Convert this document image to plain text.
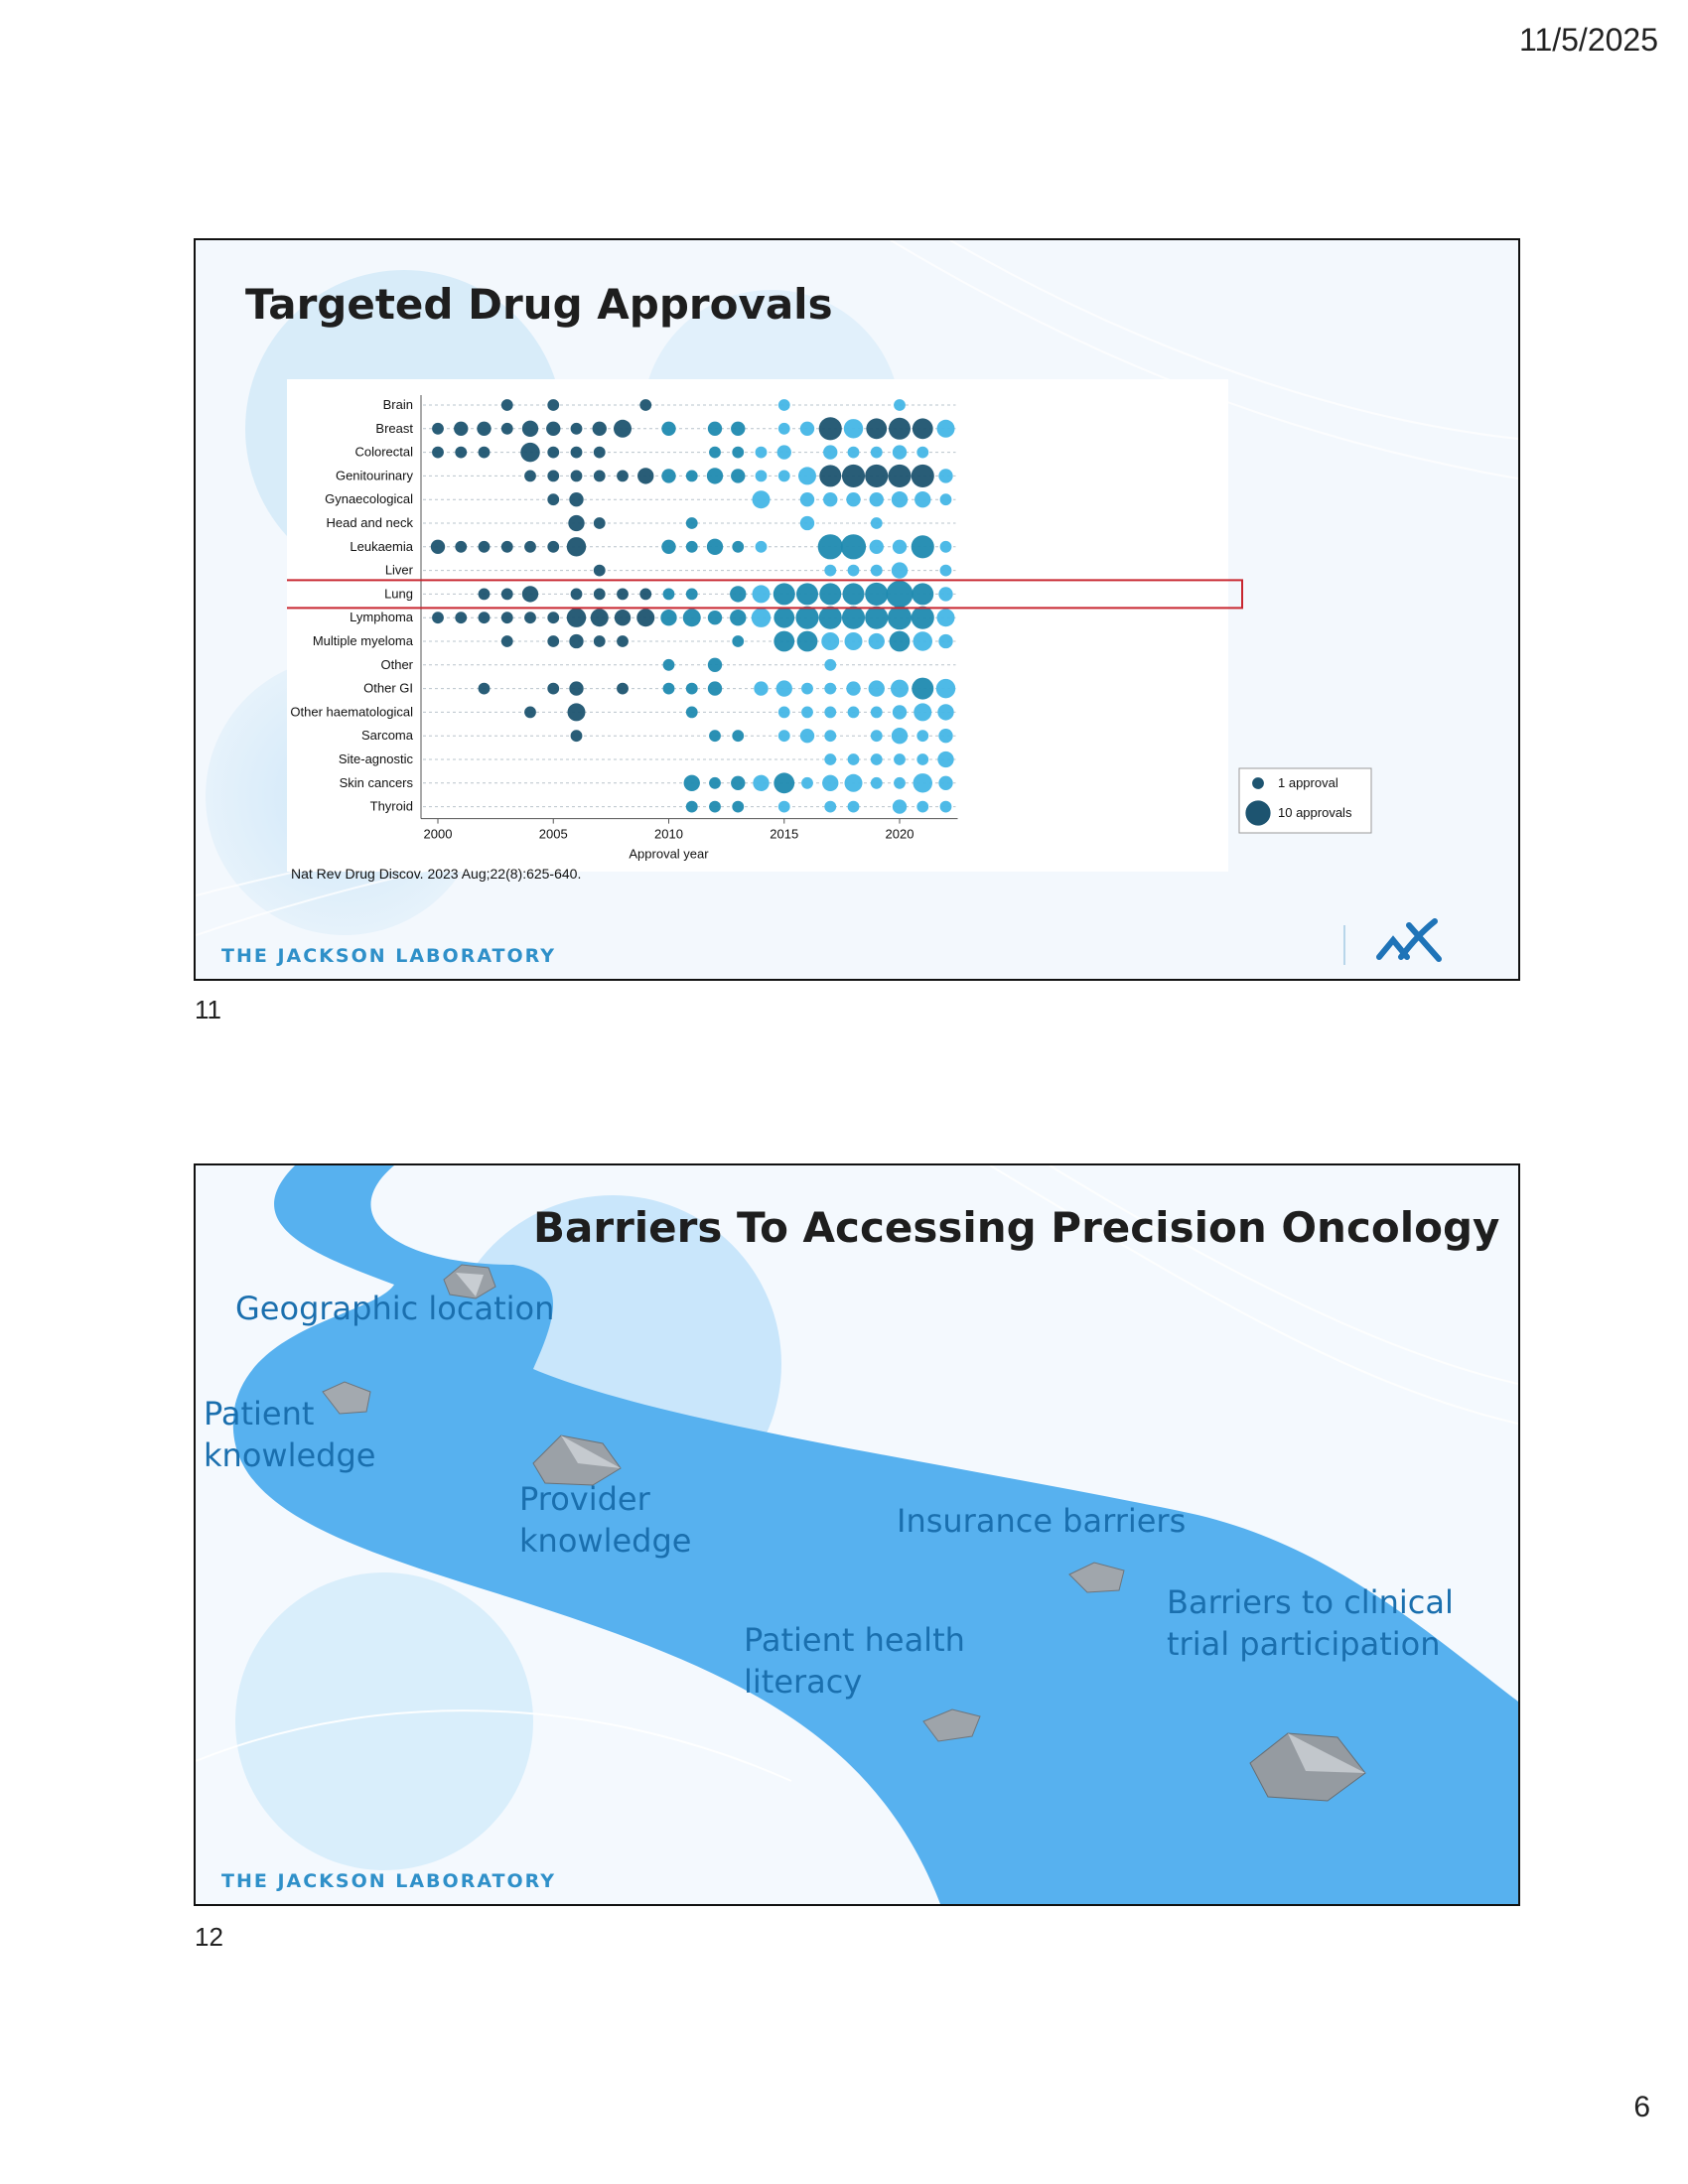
11/5/2025
Targeted Drug Approvals
Brain
Breast
Colorectal
Genitourinary
Gynaecological
Head and neck
Leukaemia
Liver
Lung
Lymphoma
Multiple myeloma
Other
Other GI
Other haematological
Sarcoma
Site-agnostic
Skin cancers
Thyroid
2000	2005	2010	2015	2020
Approval year
1 approval
10 approvals
Nat Rev Drug Discov. 2023 Aug;22(8):625-640.
THE JACKSON LABORATORY
11
Barriers To Accessing Precision Oncology
Geographic location
Patient
knowledge
Provider
knowledge
Insurance barriers
Patient health
literacy
Barriers to clinical
trial participation
THE JACKSON LABORATORY
12
6
